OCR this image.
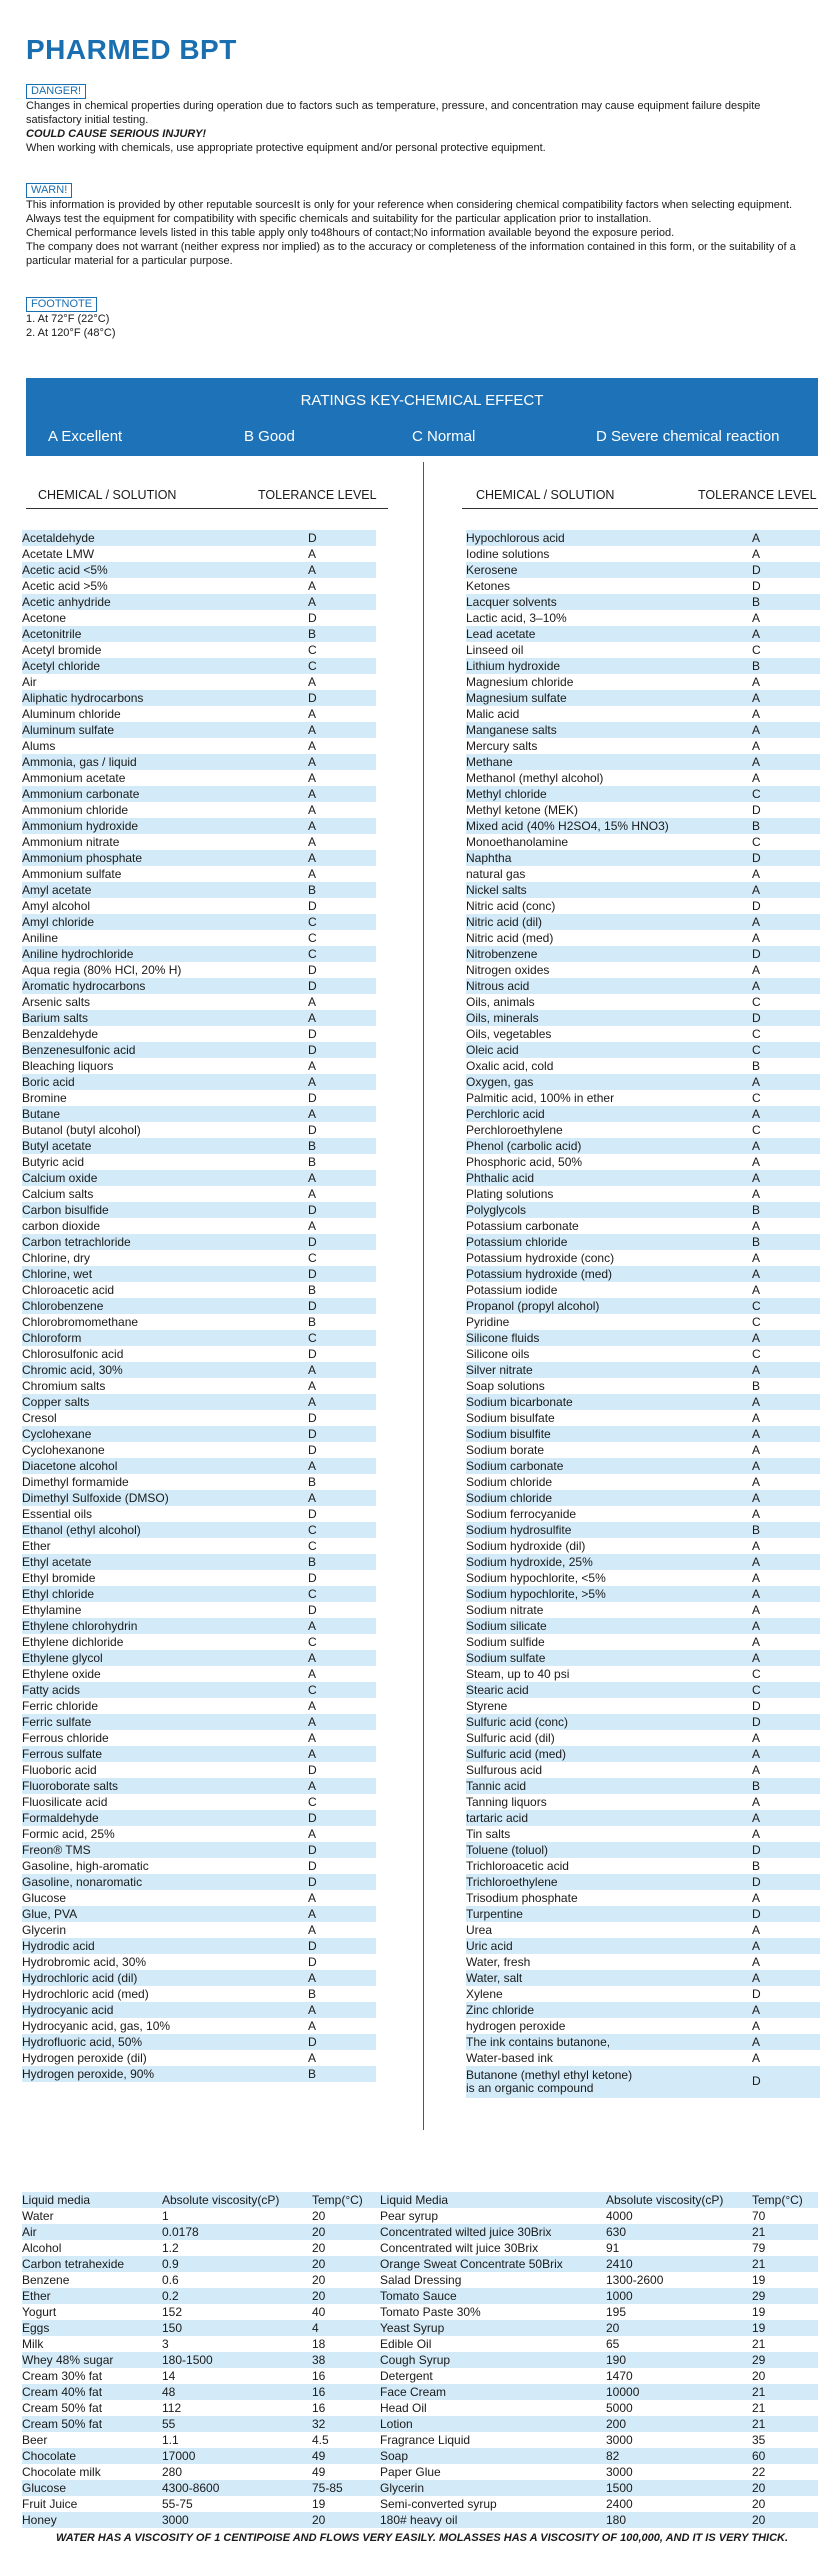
PHARMED BPT
DANGER!

Changes in chemical properties during operation due to factors such as temperature, pressure, and concentration may cause equipment failure despite satisfactory initial testing.

COULD CAUSE SERIOUS INJURY!

When working with chemicals, use appropriate protective equipment and/or personal protective equipment.

WARN!

This information is provided by other reputable sourcesIt is only for your reference when considering chemical compatibility factors when selecting equipment. Always test the equipment for compatibility with specific chemicals and suitability for the particular application prior to installation.

Chemical performance levels listed in this table apply only to48hours of contact;No information available beyond the exposure period.

The company does not warrant (neither express nor implied) as to the accuracy or completeness of the information contained in this form, or the suitability of a particular material for a particular purpose.

FOOTNOTE

1. At 72°F (22°C)

2. At 120°F (48°C)

RATINGS KEY-CHEMICAL EFFECT
A Excellent	B Good	C Normal	D Severe chemical reaction
CHEMICAL / SOLUTION	TOLERANCE LEVEL	CHEMICAL / SOLUTION	TOLERANCE LEVEL
Acetaldehyde	D
Acetate LMW	A
Acetic acid <5%	A
Acetic acid >5%	A
Acetic anhydride	A
Acetone	D
Acetonitrile	B
Acetyl bromide	C
Acetyl chloride	C
Air	A
Aliphatic hydrocarbons	D
Aluminum chloride	A
Aluminum sulfate	A
Alums	A
Ammonia, gas / liquid	A
Ammonium acetate	A
Ammonium carbonate	A
Ammonium chloride	A
Ammonium hydroxide	A
Ammonium nitrate	A
Ammonium phosphate	A
Ammonium sulfate	A
Amyl acetate	B
Amyl alcohol	D
Amyl chloride	C
Aniline	C
Aniline hydrochloride	C
Aqua regia (80% HCl, 20% H)	D
Aromatic hydrocarbons	D
Arsenic salts	A
Barium salts	A
Benzaldehyde	D
Benzenesulfonic acid	D
Bleaching liquors	A
Boric acid	A
Bromine	D
Butane	A
Butanol (butyl alcohol)	D
Butyl acetate	B
Butyric acid	B
Calcium oxide	A
Calcium salts	A
Carbon bisulfide	D
carbon dioxide	A
Carbon tetrachloride	D
Chlorine, dry	C
Chlorine, wet	D
Chloroacetic acid	B
Chlorobenzene	D
Chlorobromomethane	B
Chloroform	C
Chlorosulfonic acid	D
Chromic acid, 30%	A
Chromium salts	A
Copper salts	A
Cresol	D
Cyclohexane	D
Cyclohexanone	D
Diacetone alcohol	A
Dimethyl formamide	B
Dimethyl Sulfoxide (DMSO)	A
Essential oils	D
Ethanol (ethyl alcohol)	C
Ether	C
Ethyl acetate	B
Ethyl bromide	D
Ethyl chloride	C
Ethylamine	D
Ethylene chlorohydrin	A
Ethylene dichloride	C
Ethylene glycol	A
Ethylene oxide	A
Fatty acids	C
Ferric chloride	A
Ferric sulfate	A
Ferrous chloride	A
Ferrous sulfate	A
Fluoboric acid	D
Fluoroborate salts	A
Fluosilicate acid	C
Formaldehyde	D
Formic acid, 25%	A
Freon® TMS	D
Gasoline, high-aromatic	D
Gasoline, nonaromatic	D
Glucose	A
Glue, PVA	A
Glycerin	A
Hydrodic acid	D
Hydrobromic acid, 30%	D
Hydrochloric acid (dil)	A
Hydrochloric acid (med)	B
Hydrocyanic acid	A
Hydrocyanic acid, gas, 10%	A
Hydrofluoric acid, 50%	D
Hydrogen peroxide (dil)	A
Hydrogen peroxide, 90%	B
Hypochlorous acid	A
Iodine solutions	A
Kerosene	D
Ketones	D
Lacquer solvents	B
Lactic acid, 3–10%	A
Lead acetate	A
Linseed oil	C
Lithium hydroxide	B
Magnesium chloride	A
Magnesium sulfate	A
Malic acid	A
Manganese salts	A
Mercury salts	A
Methane	A
Methanol (methyl alcohol)	A
Methyl chloride	C
Methyl ketone (MEK)	D
Mixed acid (40% H2SO4, 15% HNO3)	B
Monoethanolamine	C
Naphtha	D
natural gas	A
Nickel salts	A
Nitric acid (conc)	D
Nitric acid (dil)	A
Nitric acid (med)	A
Nitrobenzene	D
Nitrogen oxides	A
Nitrous acid	A
Oils, animals	C
Oils, minerals	D
Oils, vegetables	C
Oleic acid	C
Oxalic acid, cold	B
Oxygen, gas	A
Palmitic acid, 100% in ether	C
Perchloric acid	A
Perchloroethylene	C
Phenol (carbolic acid)	A
Phosphoric acid, 50%	A
Phthalic acid	A
Plating solutions	A
Polyglycols	B
Potassium carbonate	A
Potassium chloride	B
Potassium hydroxide (conc)	A
Potassium hydroxide (med)	A
Potassium iodide	A
Propanol (propyl alcohol)	C
Pyridine	C
Silicone fluids	A
Silicone oils	C
Silver nitrate	A
Soap solutions	B
Sodium bicarbonate	A
Sodium bisulfate	A
Sodium bisulfite	A
Sodium borate	A
Sodium carbonate	A
Sodium chloride	A
Sodium chloride	A
Sodium ferrocyanide	A
Sodium hydrosulfite	B
Sodium hydroxide (dil)	A
Sodium hydroxide, 25%	A
Sodium hypochlorite, <5%	A
Sodium hypochlorite, >5%	A
Sodium nitrate	A
Sodium silicate	A
Sodium sulfide	A
Sodium sulfate	A
Steam, up to 40 psi	C
Stearic acid	C
Styrene	D
Sulfuric acid (conc)	D
Sulfuric acid (dil)	A
Sulfuric acid (med)	A
Sulfurous acid	A
Tannic acid	B
Tanning liquors	A
tartaric acid	A
Tin salts	A
Toluene (toluol)	D
Trichloroacetic acid	B
Trichloroethylene	D
Trisodium phosphate	A
Turpentine	D
Urea	A
Uric acid	A
Water, fresh	A
Water, salt	A
Xylene	D
Zinc chloride	A
hydrogen peroxide	A
The ink contains butanone,	A
Water-based ink	A
Butanone (methyl ethyl ketone)
is an organic compound	D
Liquid media	Absolute viscosity(cP)	Temp(°C)
Water	1	20
Air	0.0178	20
Alcohol	1.2	20
Carbon tetrahexide	0.9	20
Benzene	0.6	20
Ether	0.2	20
Yogurt	152	40
Eggs	150	4
Milk	3	18
Whey 48% sugar	180-1500	38
Cream 30% fat	14	16
Cream 40% fat	48	16
Cream 50% fat	112	16
Cream 50% fat	55	32
Beer	1.1	4.5
Chocolate	17000	49
Chocolate milk	280	49
Glucose	4300-8600	75-85
Fruit Juice	55-75	19
Honey	3000	20
Liquid Media	Absolute viscosity(cP) Temp(°C)
Pear syrup	4000	70
Concentrated wilted juice 30Brix	630	21
Concentrated wilt juice 30Brix	91	79
Orange Sweat Concentrate 50Brix	2410	21
Salad Dressing	1300-2600	19
Tomato Sauce	1000	29
Tomato Paste 30%	195	19
Yeast Syrup	20	19
Edible Oil	65	21
Cough Syrup	190	29
Detergent	1470	20
Face Cream	10000	21
Head Oil	5000	21
Lotion	200	21
Fragrance Liquid	3000	35
Soap	82	60
Paper Glue	3000	22
Glycerin	1500	20
Semi-converted syrup	2400	20
180# heavy oil	180	20
WATER HAS A VISCOSITY OF 1 CENTIPOISE AND FLOWS VERY EASILY. MOLASSES HAS A VISCOSITY OF 100,000, AND IT IS VERY THICK.
